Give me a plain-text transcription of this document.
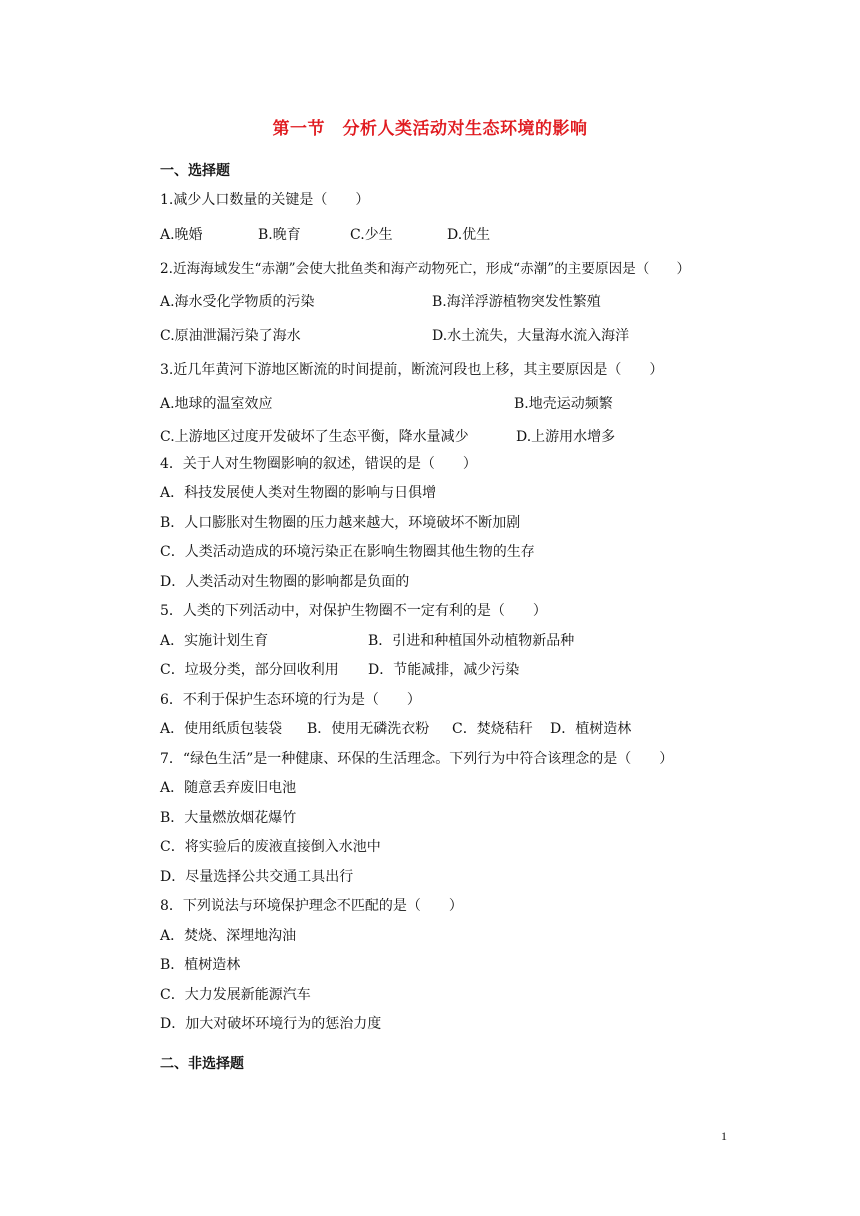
第一节　分析人类活动对生态环境的影响
一、选择题
1.减少人口数量的关键是（　　）
A.晚婚	B.晚育	C.少生	D.优生
2.近海海域发生“赤潮”会使大批鱼类和海产动物死亡，形成“赤潮”的主要原因是（　　）
A.海水受化学物质的污染	B.海洋浮游植物突发性繁殖
C.原油泄漏污染了海水	D.水土流失，大量海水流入海洋
3.近几年黄河下游地区断流的时间提前，断流河段也上移，其主要原因是（　　）
A.地球的温室效应	B.地壳运动频繁
C.上游地区过度开发破坏了生态平衡，降水量减少	D.上游用水增多
4．关于人对生物圈影响的叙述，错误的是（　　）
A．科技发展使人类对生物圈的影响与日俱增
B．人口膨胀对生物圈的压力越来越大，环境破坏不断加剧
C．人类活动造成的环境污染正在影响生物圈其他生物的生存
D．人类活动对生物圈的影响都是负面的
5．人类的下列活动中，对保护生物圈不一定有利的是（　　）
A．实施计划生育	B．引进和种植国外动植物新品种
C．垃圾分类，部分回收利用 D．节能减排，减少污染
6．不利于保护生态环境的行为是（　　）
A．使用纸质包装袋 B．使用无磷洗衣粉 C．焚烧秸秆 D．植树造林
7．“绿色生活”是一种健康、环保的生活理念。下列行为中符合该理念的是（　　）
A．随意丢弃废旧电池
B．大量燃放烟花爆竹
C．将实验后的废液直接倒入水池中
D．尽量选择公共交通工具出行
8．下列说法与环境保护理念不匹配的是（　　）
A．焚烧、深埋地沟油
B．植树造林
C．大力发展新能源汽车
D．加大对破坏环境行为的惩治力度
二、非选择题
1
